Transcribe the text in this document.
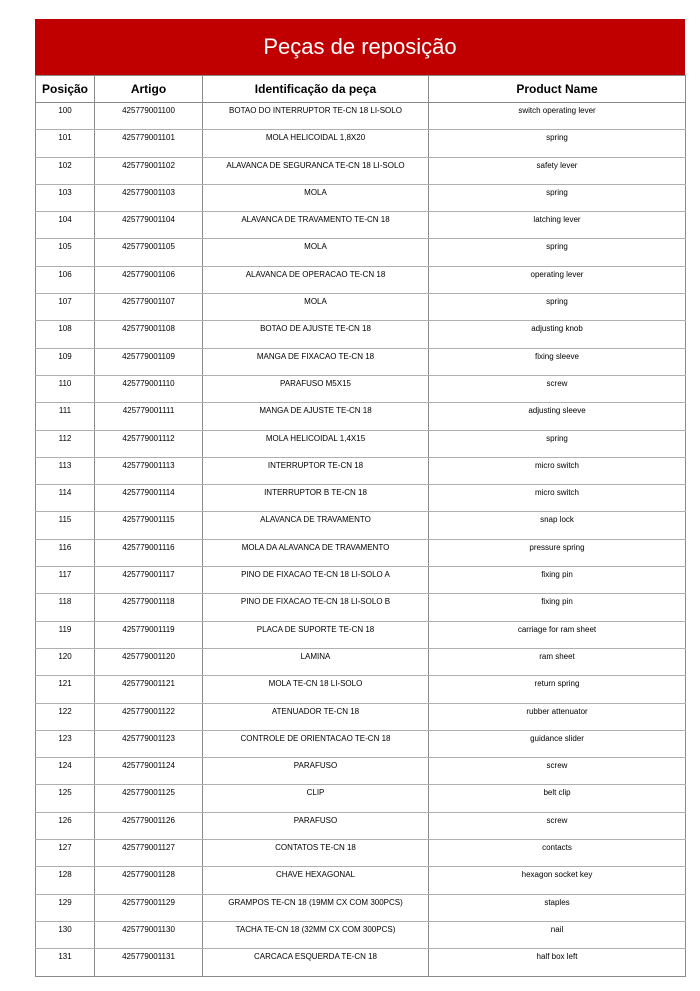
Peças de reposição
Posição	Artigo	Identificação da peça	Product Name
100	425779001100	BOTAO DO INTERRUPTOR TE-CN 18 LI-SOLO	switch operating lever
101	425779001101	MOLA HELICOIDAL 1,8X20	spring
102	425779001102	ALAVANCA DE SEGURANCA TE-CN 18 LI-SOLO	safety lever
103	425779001103	MOLA	spring
104	425779001104	ALAVANCA DE TRAVAMENTO TE-CN 18	latching lever
105	425779001105	MOLA	spring
106	425779001106	ALAVANCA DE OPERACAO TE-CN 18	operating lever
107	425779001107	MOLA	spring
108	425779001108	BOTAO DE AJUSTE TE-CN 18	adjusting knob
109	425779001109	MANGA DE FIXACAO TE-CN 18	fixing sleeve
110	425779001110	PARAFUSO M5X15	screw
111	425779001111	MANGA DE AJUSTE TE-CN 18	adjusting sleeve
112	425779001112	MOLA HELICOIDAL 1,4X15	spring
113	425779001113	INTERRUPTOR TE-CN 18	micro switch
114	425779001114	INTERRUPTOR B TE-CN 18	micro switch
115	425779001115	ALAVANCA DE TRAVAMENTO	snap lock
116	425779001116	MOLA DA ALAVANCA DE TRAVAMENTO	pressure spring
117	425779001117	PINO DE FIXACAO TE-CN 18 LI-SOLO A	fixing pin
118	425779001118	PINO DE FIXACAO TE-CN 18 LI-SOLO B	fixing pin
119	425779001119	PLACA DE SUPORTE TE-CN 18	carriage for ram sheet
120	425779001120	LAMINA	ram sheet
121	425779001121	MOLA TE-CN 18 LI-SOLO	return spring
122	425779001122	ATENUADOR TE-CN 18	rubber attenuator
123	425779001123	CONTROLE DE ORIENTACAO TE-CN 18	guidance slider
124	425779001124	PARAFUSO	screw
125	425779001125	CLIP	belt clip
126	425779001126	PARAFUSO	screw
127	425779001127	CONTATOS TE-CN 18	contacts
128	425779001128	CHAVE HEXAGONAL	hexagon socket key
129	425779001129	GRAMPOS TE-CN 18 (19MM CX COM 300PCS)	staples
130	425779001130	TACHA TE-CN 18 (32MM CX COM 300PCS)	nail
131	425779001131	CARCACA ESQUERDA TE-CN 18	half box left
